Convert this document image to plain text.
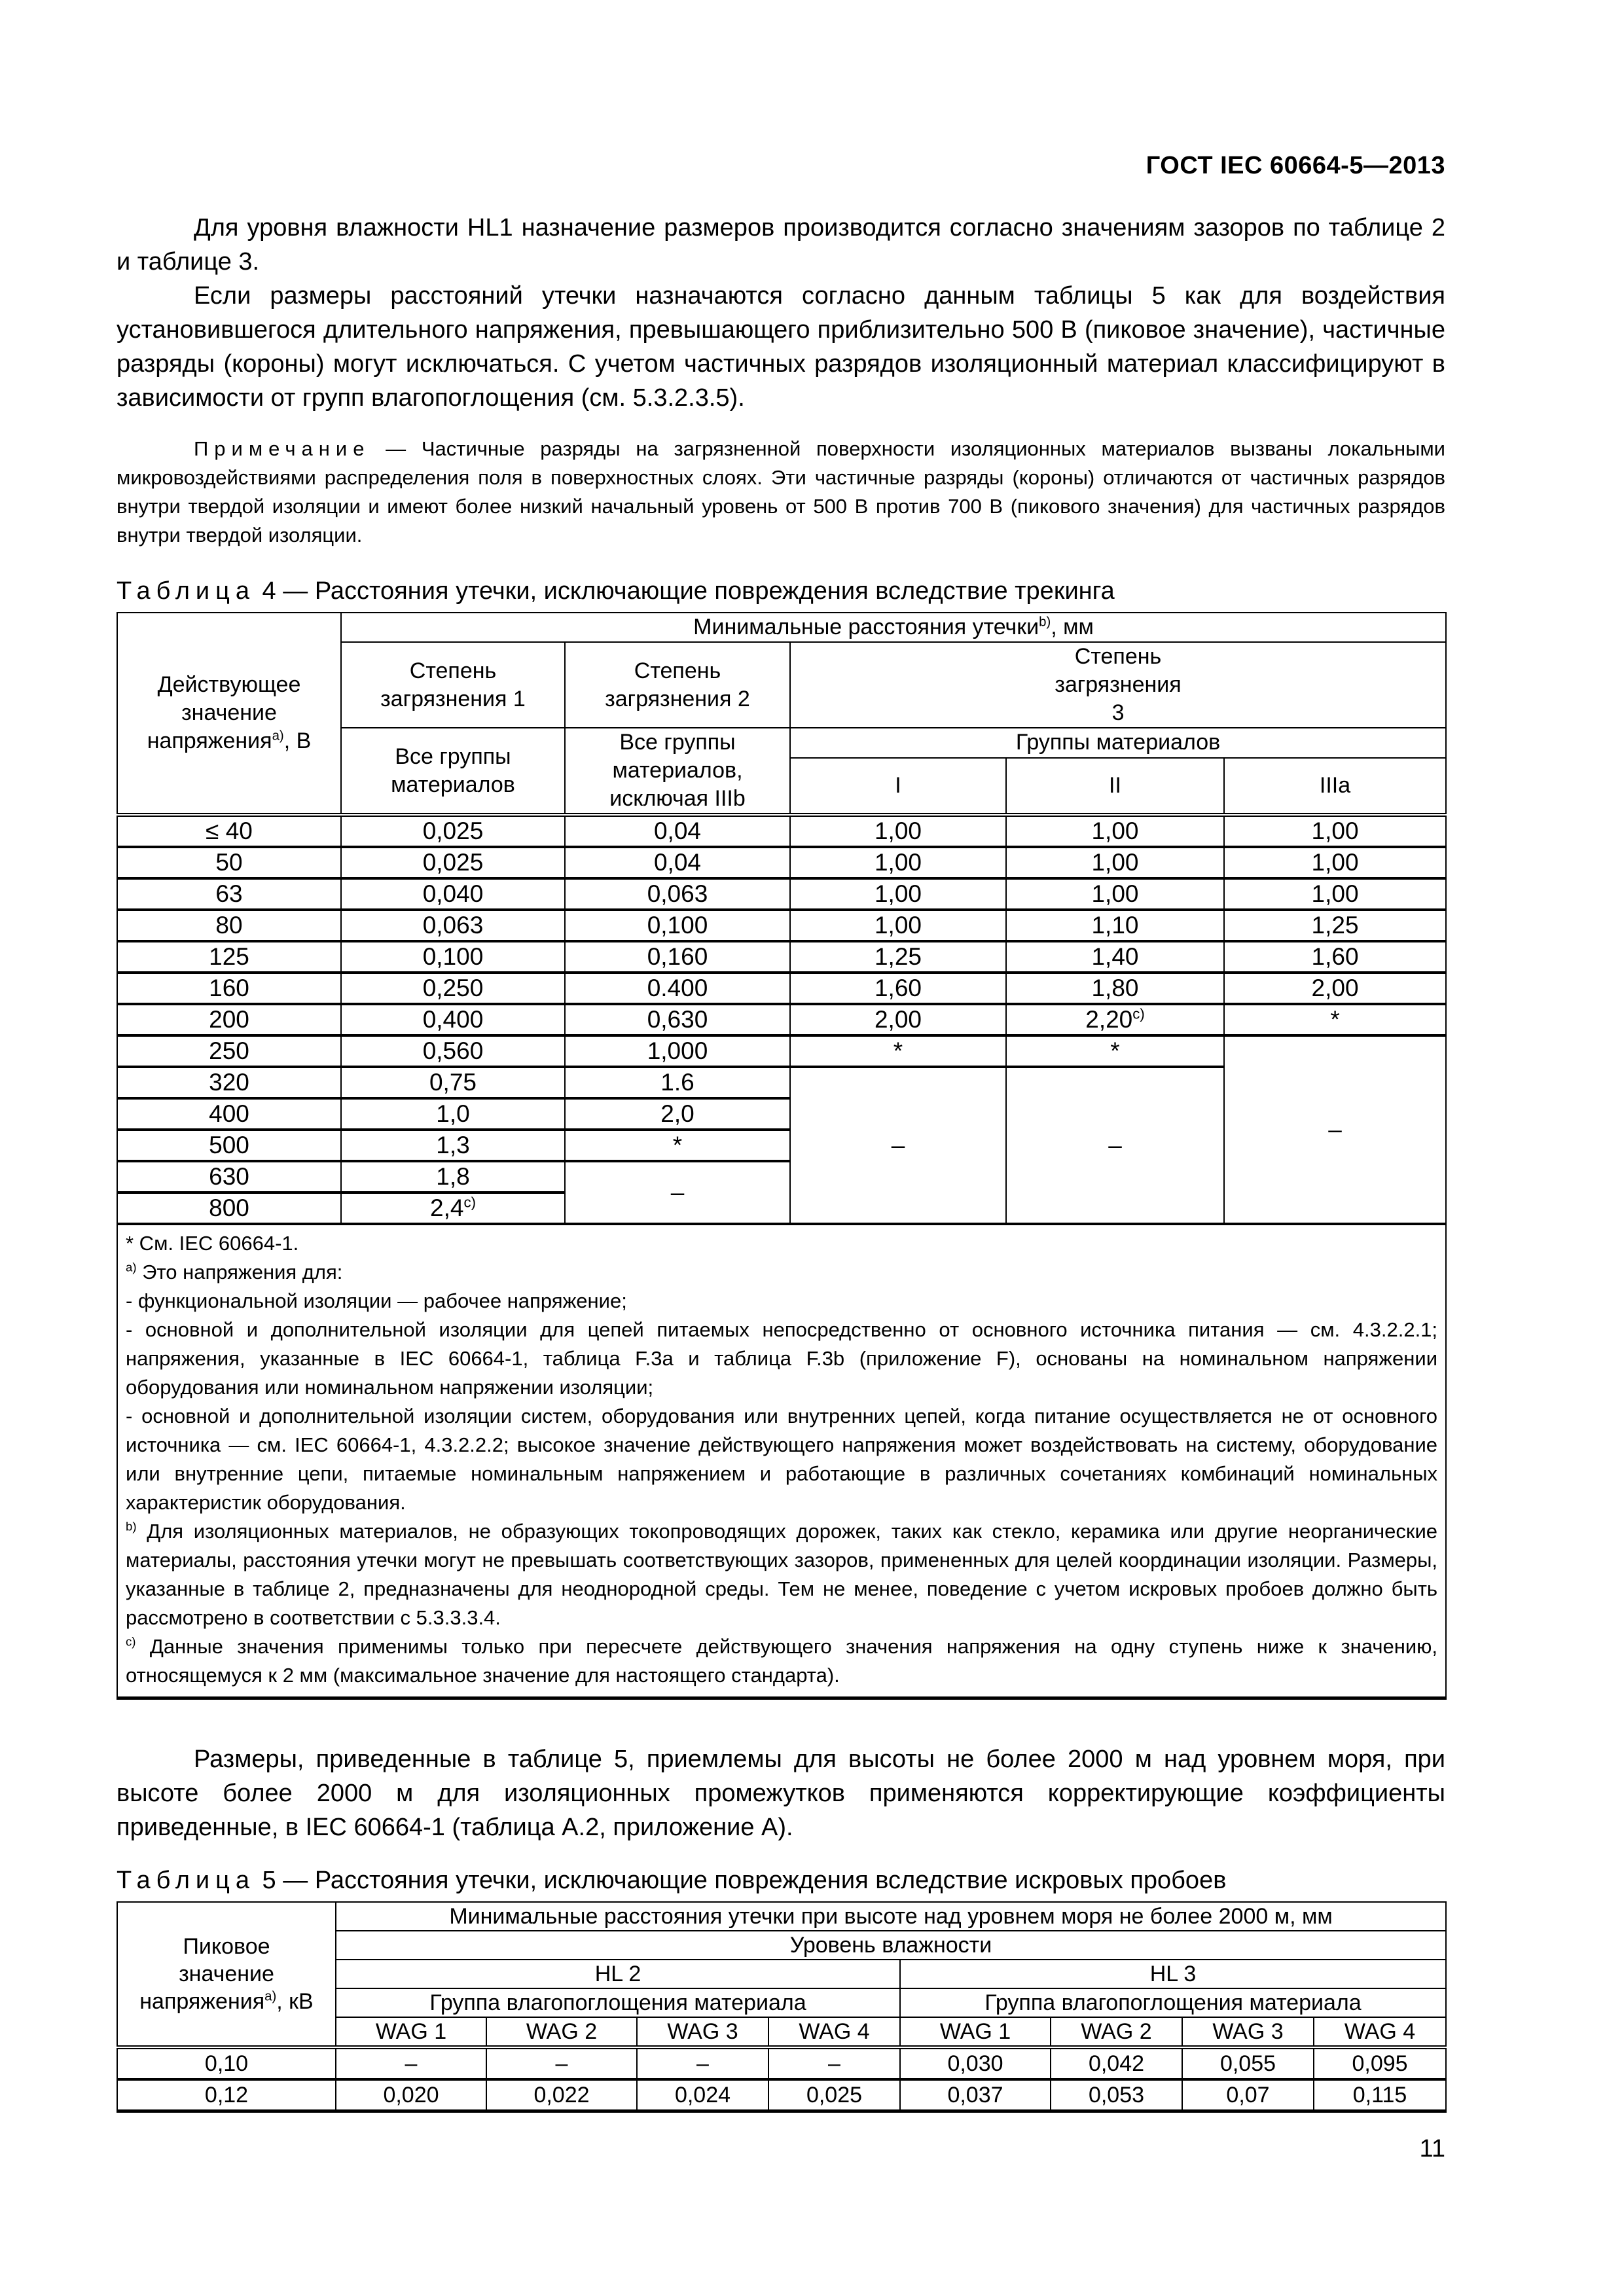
ГОСТ IEC 60664-5—2013

Для уровня влажности HL1 назначение размеров производится согласно значениям зазоров по таблице 2 и таблице 3.

Если размеры расстояний утечки назначаются согласно данным таблицы 5 как для воздействия установившегося длительного напряжения, превышающего приблизительно 500 В (пиковое значение), частичные разряды (короны) могут исключаться. С учетом частичных разрядов изоляционный материал классифицируют в зависимости от групп влагопоглощения (см. 5.3.2.3.5).

Примечание — Частичные разряды на загрязненной поверхности изоляционных материалов вызваны локальными микровоздействиями распределения поля в поверхностных слоях. Эти частичные разряды (короны) отличаются от частичных разрядов внутри твердой изоляции и имеют более низкий начальный уровень от 500 В против 700 В (пикового значения) для частичных разрядов внутри твердой изоляции.

Таблица 4 — Расстояния утечки, исключающие повреждения вследствие трекинга
Действующее значение напряжения$^{a)}$, В	Минимальные расстояния утечки$^{b)}$, мм				
	Степень загрязнения 1	Степень загрязнения 2	Степень загрязнения 3		
	Все группы материалов	Все группы материалов, исключая IIIb	Группы материалов		
			I	II	IIIa
≤ 40	0,025	0,04	1,00	1,00	1,00
50	0,025	0,04	1,00	1,00	1,00
63	0,040	0,063	1,00	1,00	1,00
80	0,063	0,100	1,00	1,10	1,25
125	0,100	0,160	1,25	1,40	1,60
160	0,250	0.400	1,60	1,80	2,00
200	0,400	0,630	2,00	2,20$^{c)}$	*
250	0,560	1,000	*	*	–
320	0,75	1.6	–	–	
400	1,0	2,0			
500	1,3	*			
630	1,8	–			
800	2,4$^{c)}$

* См. IEC 60664-1.
$^{a)}$ Это напряжения для:
- функциональной изоляции — рабочее напряжение;
- основной и дополнительной изоляции для цепей питаемых непосредственно от основного источника питания — см. 4.3.2.2.1; напряжения, указанные в IEC 60664-1, таблица F.3a и таблица F.3b (приложение F), основаны на номинальном напряжении оборудования или номинальном напряжении изоляции;
- основной и дополнительной изоляции систем, оборудования или внутренних цепей, когда питание осуществляется не от основного источника — см. IEC 60664-1, 4.3.2.2.2; высокое значение действующего напряжения может воздействовать на систему, оборудование или внутренние цепи, питаемые номинальным напряжением и работающие в различных сочетаниях комбинаций номинальных характеристик оборудования.
$^{b)}$ Для изоляционных материалов, не образующих токопроводящих дорожек, таких как стекло, керамика или другие неорганические материалы, расстояния утечки могут не превышать соответствующих зазоров, примененных для целей координации изоляции. Размеры, указанные в таблице 2, предназначены для неоднородной среды. Тем не менее, поведение с учетом искровых пробоев должно быть рассмотрено в соответствии с 5.3.3.3.4.
$^{c)}$ Данные значения применимы только при пересчете действующего значения напряжения на одну ступень ниже к значению, относящемуся к 2 мм (максимальное значение для настоящего стандарта).

Размеры, приведенные в таблице 5, приемлемы для высоты не более 2000 м над уровнем моря, при высоте более 2000 м для изоляционных промежутков применяются корректирующие коэффициенты приведенные, в IEC 60664-1 (таблица А.2, приложение А).

Таблица 5 — Расстояния утечки, исключающие повреждения вследствие искровых пробоев
Пиковое значение напряжения$^{a)}$, кВ	Минимальные расстояния утечки при высоте над уровнем моря не более 2000 м, мм							
	Уровень влажности							
	HL 2				HL 3			
	Группа влагопоглощения материала				Группа влагопоглощения материала			
	WAG 1	WAG 2	WAG 3	WAG 4	WAG 1	WAG 2	WAG 3	WAG 4
0,10	–	–	–	–	0,030	0,042	0,055	0,095
0,12	0,020	0,022	0,024	0,025	0,037	0,053	0,07	0,115
11
